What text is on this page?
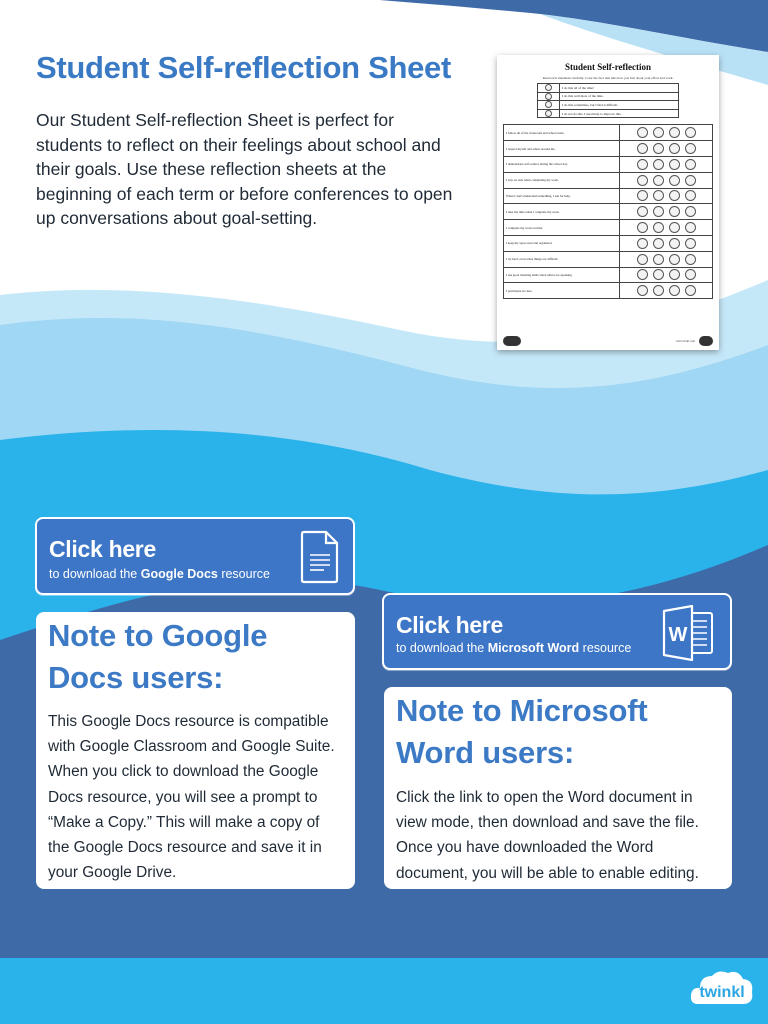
Student Self-reflection Sheet

Our Student Self-reflection Sheet is perfect for students to reflect on their feelings about school and their goals. Use these reflection sheets at the beginning of each term or before conferences to open up conversations about goal-setting.

Student Self-reflection
Read each statement carefully. Color the face that tells how you feel about your effort and work.
	I do this all of the time!
	I do this well most of the time.
	I do this sometimes, but I find it difficult.
	I do not do this. I need help to improve this.
I follow all of the classroom and school rules.	
I respect myself and others around me.	
I demonstrate self-control during the school day.	
I stay on task when completing my work.	
When I don't understand something, I ask for help.	
I take my time when I complete my work.	
I complete my work on time.	
I keep my space neat and organized.	
I try hard, even when things are difficult.	
I use good listening skills when others are speaking.	
I participate in class.	
visit twinkl.com
Click here
to download the Google Docs resource
Click here
to download the Microsoft Word resource
W
Note to Google
Docs users:

This Google Docs resource is compatible with Google Classroom and Google Suite. When you click to download the Google Docs resource, you will see a prompt to “Make a Copy.” This will make a copy of the Google Docs resource and save it in your Google Drive.

Note to Microsoft
Word users:

Click the link to open the Word document in view mode, then download and save the file. Once you have downloaded the Word document, you will be able to enable editing.

twinkl
